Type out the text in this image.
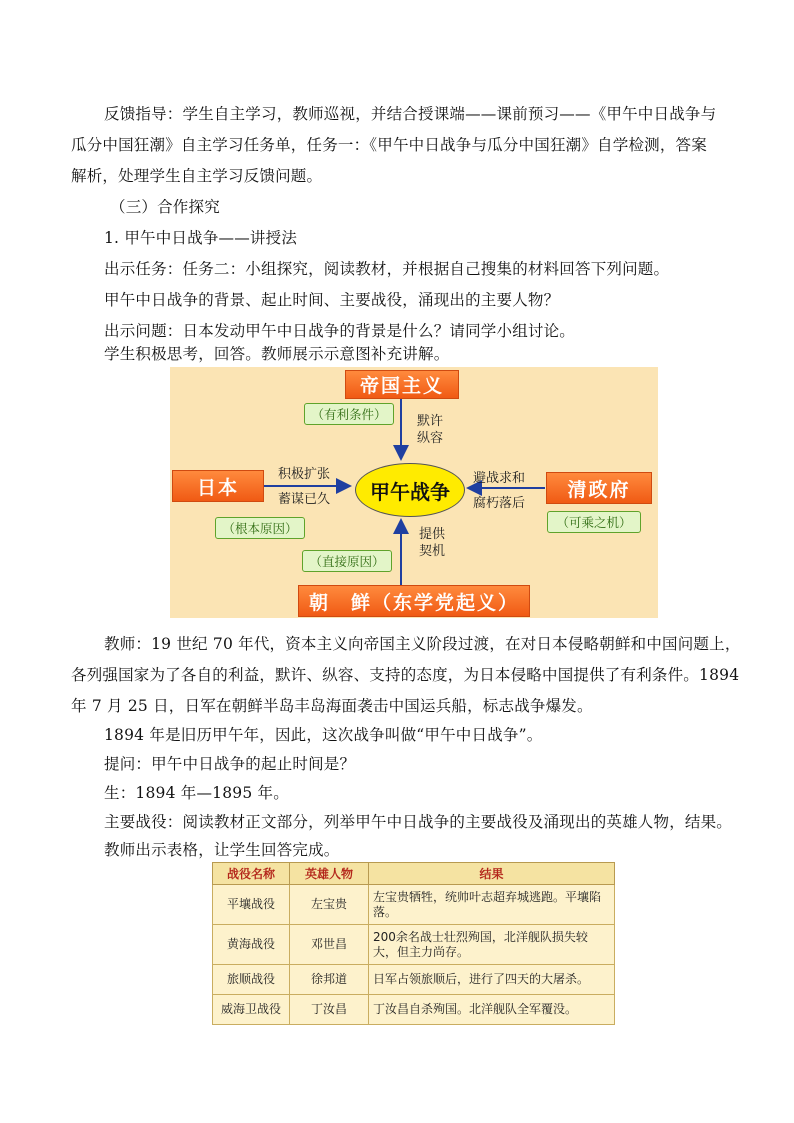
反馈指导：学生自主学习，教师巡视，并结合授课端——课前预习——《甲午中日战争与
瓜分中国狂潮》自主学习任务单，任务一：《甲午中日战争与瓜分中国狂潮》自学检测，答案
解析，处理学生自主学习反馈问题。
（三）合作探究
1. 甲午中日战争——讲授法
出示任务：任务二：小组探究，阅读教材，并根据自己搜集的材料回答下列问题。
甲午中日战争的背景、起止时间、主要战役，涌现出的主要人物？
出示问题：日本发动甲午中日战争的背景是什么？请同学小组讨论。
学生积极思考，回答。教师展示示意图补充讲解。
帝国主义
（有利条件）	默许
纵容
日本
积极扩张
蓄谋已久
（根本原因）
甲午战争
避战求和
腐朽落后
清政府
（可乘之机）
（直接原因）
提供
契机
朝　鲜（东学党起义）
教师：19 世纪 70 年代，资本主义向帝国主义阶段过渡，在对日本侵略朝鲜和中国问题上，
各列强国家为了各自的利益，默许、纵容、支持的态度，为日本侵略中国提供了有利条件。1894
年 7 月 25 日，日军在朝鲜半岛丰岛海面袭击中国运兵船，标志战争爆发。
1894 年是旧历甲午年，因此，这次战争叫做“甲午中日战争”。
提问：甲午中日战争的起止时间是？
生：1894 年—1895 年。
主要战役：阅读教材正文部分，列举甲午中日战争的主要战役及涌现出的英雄人物，结果。
教师出示表格，让学生回答完成。
战役名称	英雄人物	结果
平壤战役	左宝贵	左宝贵牺牲，统帅叶志超弃城逃跑。平壤陷落。
黄海战役	邓世昌	200余名战士壮烈殉国，北洋舰队损失较大，但主力尚存。
旅顺战役	徐邦道	日军占领旅顺后，进行了四天的大屠杀。
威海卫战役	丁汝昌	丁汝昌自杀殉国。北洋舰队全军覆没。
